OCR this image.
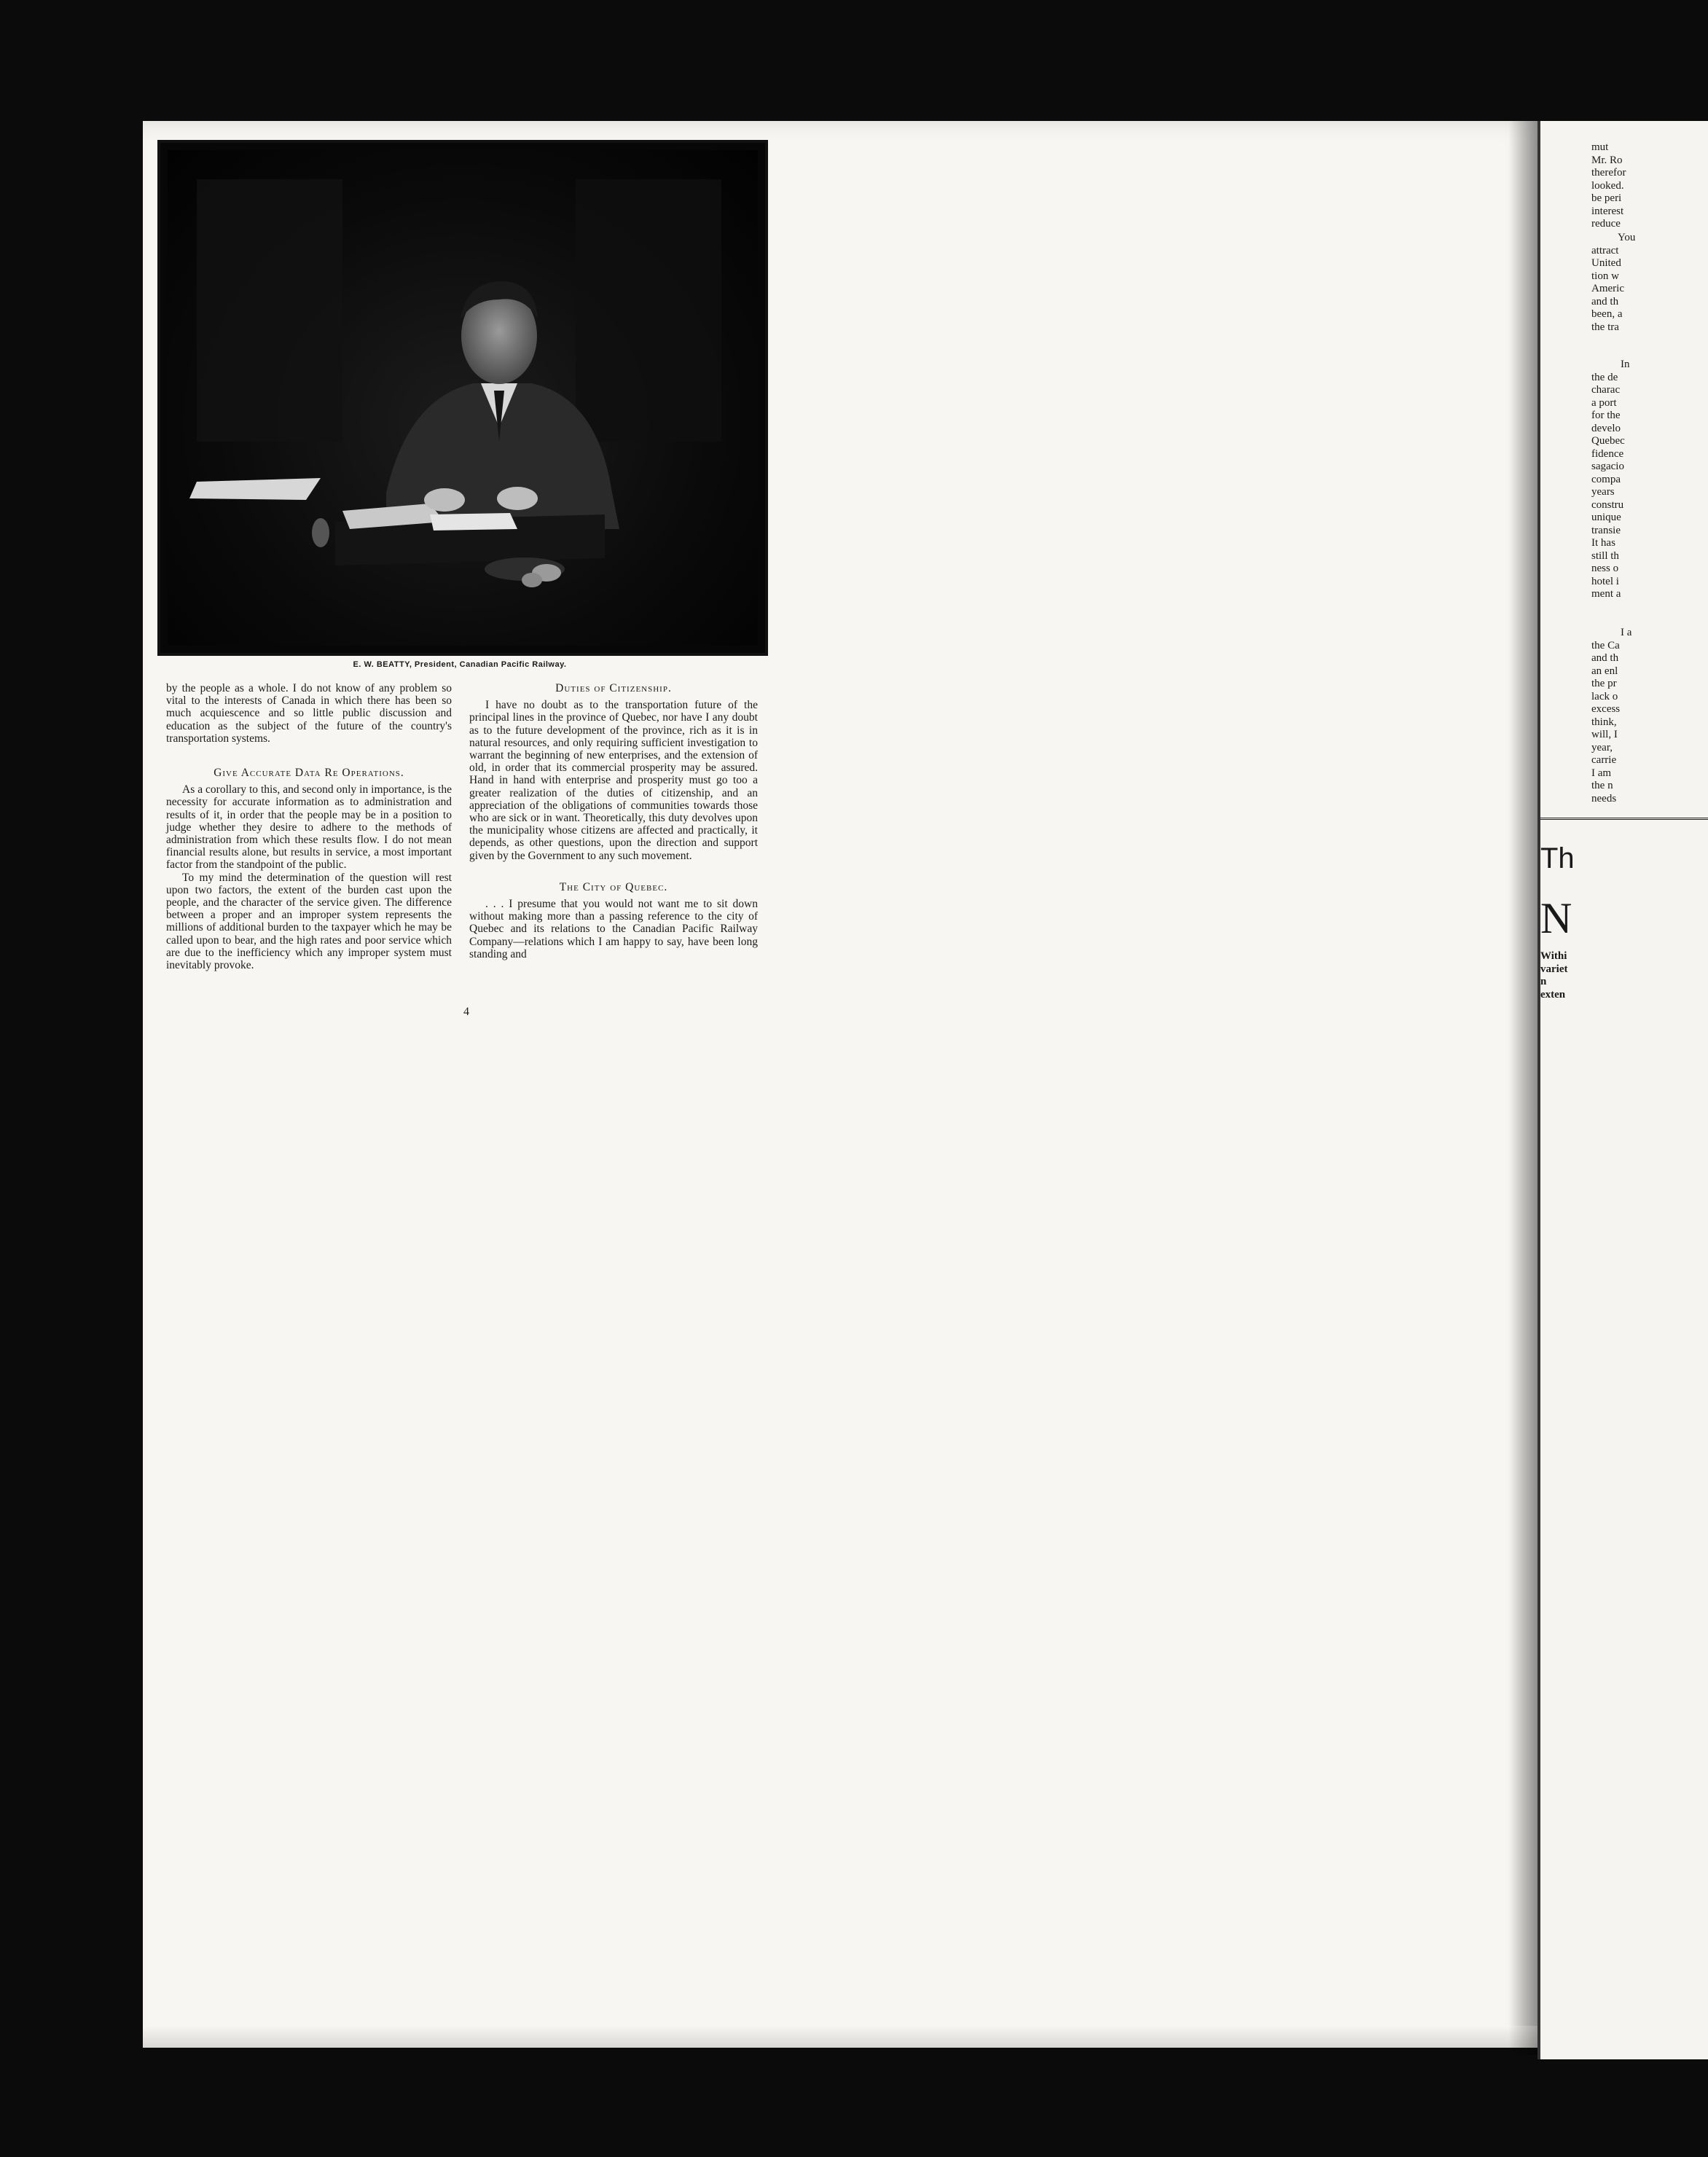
E. W. BEATTY, President, Canadian Pacific Railway.

by the people as a whole. I do not know of any problem so vital to the interests of Canada in which there has been so much acquiescence and so little public discussion and education as the subject of the future of the country's transportation systems.

Give Accurate Data Re Operations.

As a corollary to this, and second only in importance, is the necessity for accurate information as to administration and results of it, in order that the people may be in a position to judge whether they desire to adhere to the methods of administration from which these results flow. I do not mean financial results alone, but results in service, a most important factor from the standpoint of the public.

To my mind the determination of the question will rest upon two factors, the extent of the burden cast upon the people, and the character of the service given. The difference between a proper and an improper system represents the millions of additional burden to the taxpayer which he may be called upon to bear, and the high rates and poor service which are due to the inefficiency which any improper system must inevitably provoke.

Duties of Citizenship.

I have no doubt as to the transportation future of the principal lines in the province of Quebec, nor have I any doubt as to the future development of the province, rich as it is in natural resources, and only requiring sufficient investigation to warrant the beginning of new enterprises, and the extension of old, in order that its commercial prosperity may be assured. Hand in hand with enterprise and prosperity must go too a greater realization of the duties of citizenship, and an appreciation of the obligations of communities towards those who are sick or in want. Theoretically, this duty devolves upon the municipality whose citizens are affected and practically, it depends, as other questions, upon the direction and support given by the Government to any such movement.

The City of Quebec.

. . . I presume that you would not want me to sit down without making more than a passing reference to the city of Quebec and its relations to the Canadian Pacific Railway Company—relations which I am happy to say, have been long standing and

4

mut

Mr. Ro

therefor

looked.

be peri

interest

reduce

You

attract

United

tion w

Americ

and th

been, a

the tra

In

the de

charac

a port

for the

develo

Quebec

fidence

sagacio

compa

years

constru

unique

transie

It has

still th

ness o

hotel i

ment a

I a

the Ca

and th

an enl

the pr

lack o

excess

think,

will, I

year,

carrie

I am

the n

needs

Th
N

Withi

variet

n

exten
